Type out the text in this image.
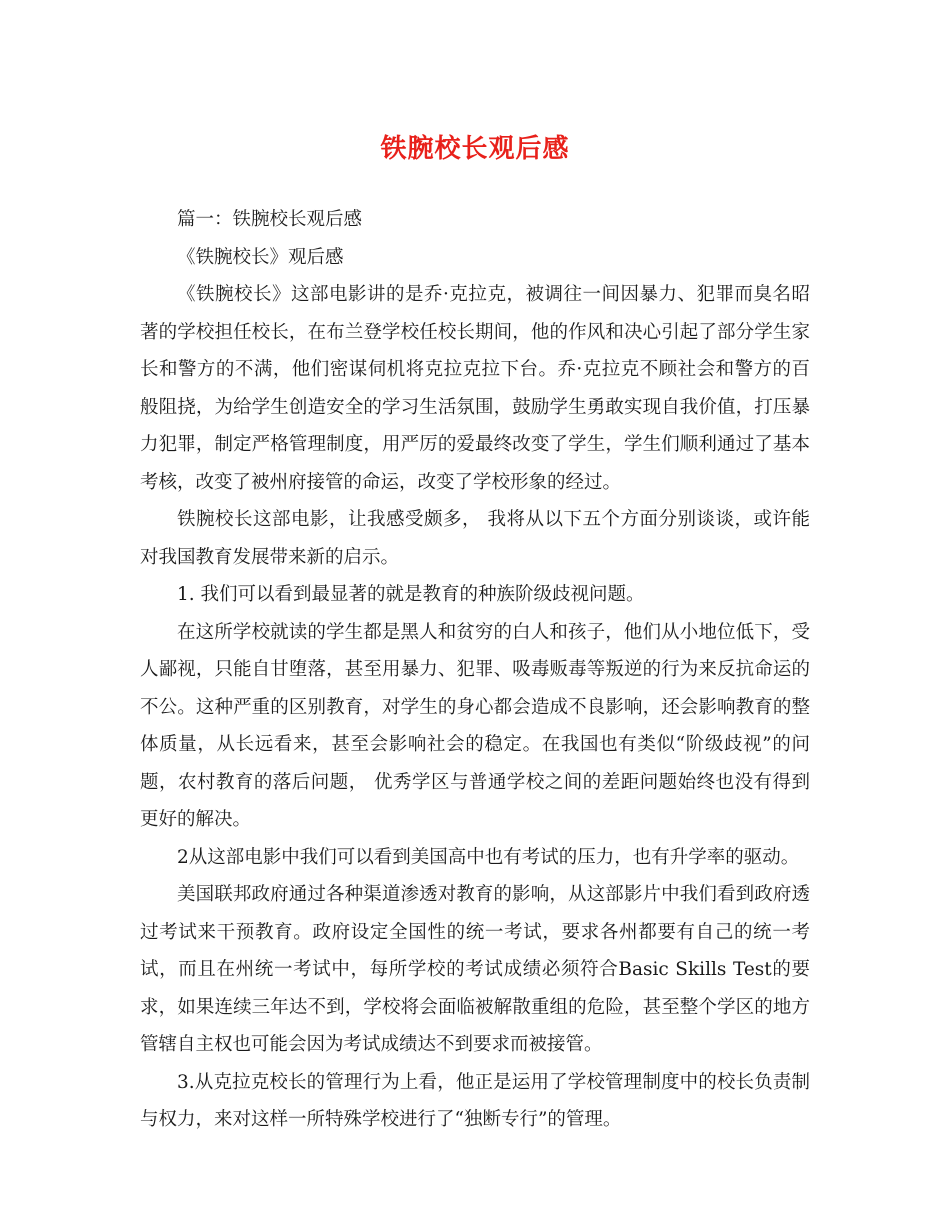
铁腕校长观后感

篇一：铁腕校长观后感

《铁腕校长》观后感

《铁腕校长》这部电影讲的是乔·克拉克，被调往一间因暴力、犯罪而臭名昭著的学校担任校长，在布兰登学校任校长期间，他的作风和决心引起了部分学生家长和警方的不满，他们密谋伺机将克拉克拉下台。乔·克拉克不顾社会和警方的百般阻挠，为给学生创造安全的学习生活氛围，鼓励学生勇敢实现自我价值，打压暴力犯罪，制定严格管理制度，用严厉的爱最终改变了学生，学生们顺利通过了基本考核，改变了被州府接管的命运，改变了学校形象的经过。

铁腕校长这部电影，让我感受颇多， 我将从以下五个方面分别谈谈，或许能对我国教育发展带来新的启示。

1. 我们可以看到最显著的就是教育的种族阶级歧视问题。

在这所学校就读的学生都是黑人和贫穷的白人和孩子，他们从小地位低下，受人鄙视，只能自甘堕落，甚至用暴力、犯罪、吸毒贩毒等叛逆的行为来反抗命运的不公。这种严重的区别教育，对学生的身心都会造成不良影响，还会影响教育的整体质量，从长远看来，甚至会影响社会的稳定。在我国也有类似“阶级歧视”的问题，农村教育的落后问题， 优秀学区与普通学校之间的差距问题始终也没有得到更好的解决。

2从这部电影中我们可以看到美国高中也有考试的压力，也有升学率的驱动。

美国联邦政府通过各种渠道渗透对教育的影响，从这部影片中我们看到政府透过考试来干预教育。政府设定全国性的统一考试，要求各州都要有自己的统一考试，而且在州统一考试中，每所学校的考试成绩必须符合Basic Skills Test的要求，如果连续三年达不到，学校将会面临被解散重组的危险，甚至整个学区的地方管辖自主权也可能会因为考试成绩达不到要求而被接管。

3.从克拉克校长的管理行为上看，他正是运用了学校管理制度中的校长负责制与权力，来对这样一所特殊学校进行了“独断专行”的管理。
